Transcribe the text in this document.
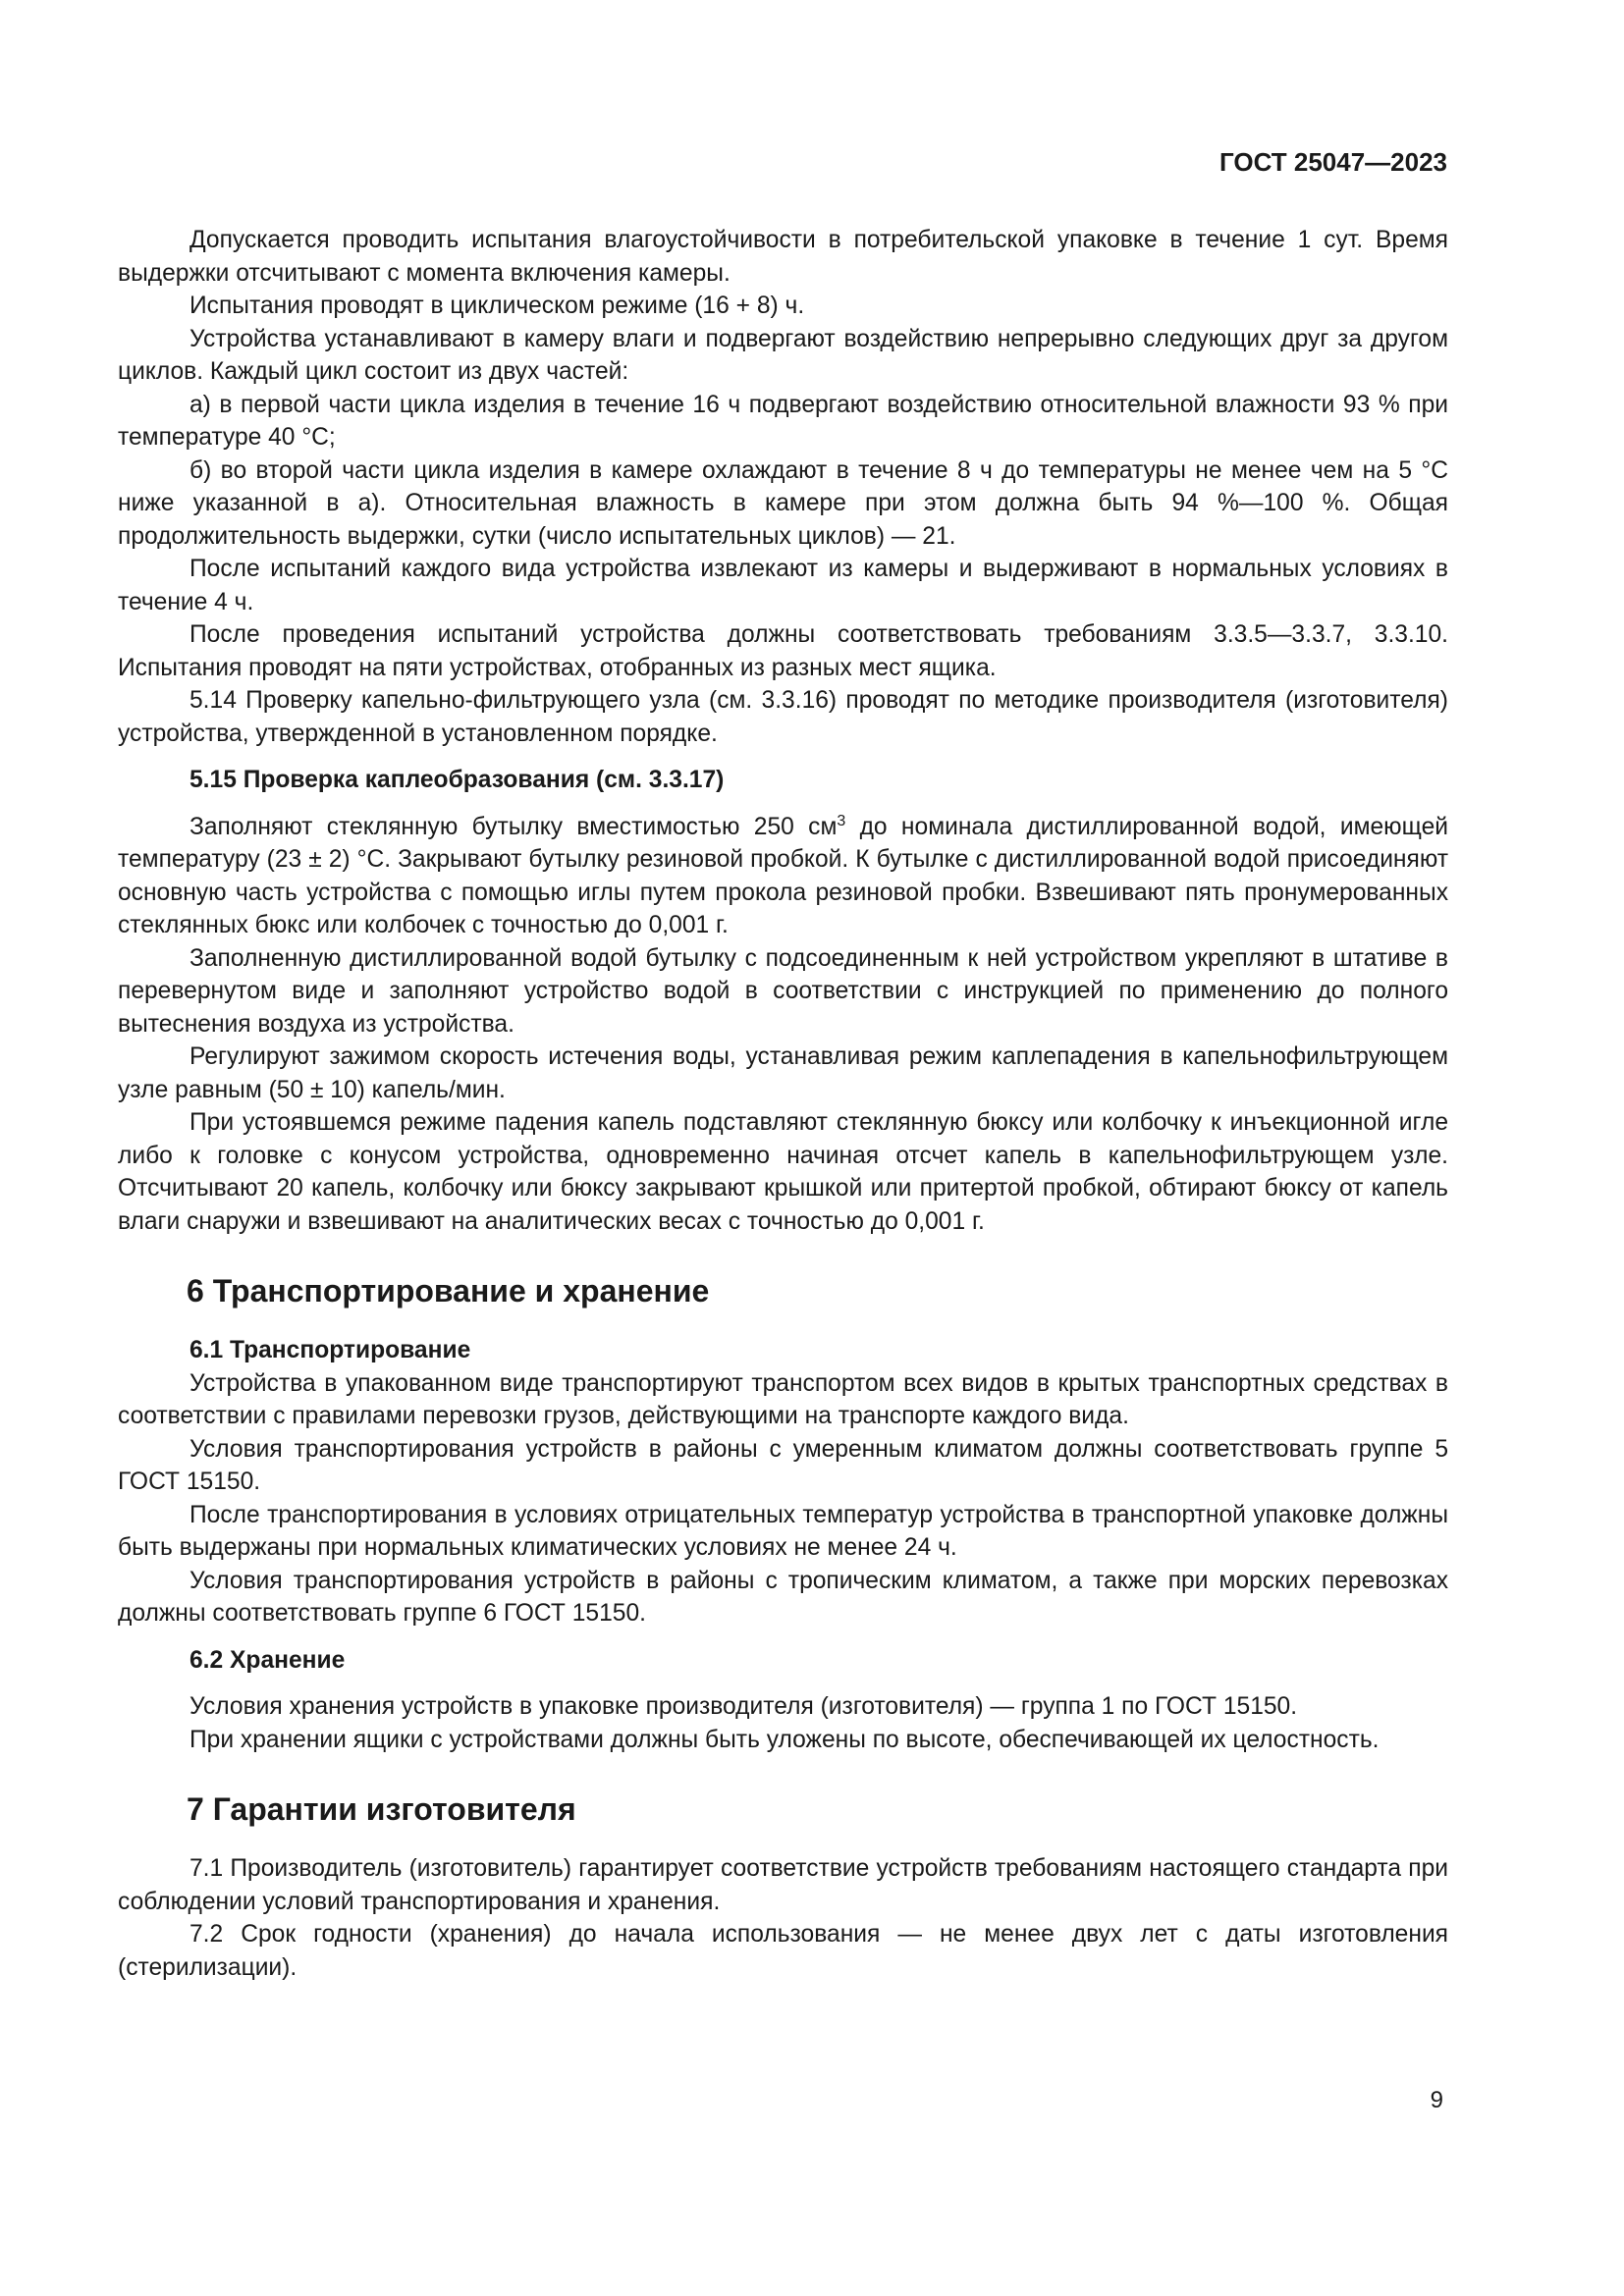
ГОСТ 25047—2023

Допускается проводить испытания влагоустойчивости в потребительской упаковке в течение 1 сут. Время выдержки отсчитывают с момента включения камеры.

Испытания проводят в циклическом режиме (16 + 8) ч.

Устройства устанавливают в камеру влаги и подвергают воздействию непрерывно следующих друг за другом циклов. Каждый цикл состоит из двух частей:

а) в первой части цикла изделия в течение 16 ч подвергают воздействию относительной влажности 93 % при температуре 40 °С;

б) во второй части цикла изделия в камере охлаждают в течение 8 ч до температуры не менее чем на 5 °С ниже указанной в а). Относительная влажность в камере при этом должна быть 94 %—100 %. Общая продолжительность выдержки, сутки (число испытательных циклов) — 21.

После испытаний каждого вида устройства извлекают из камеры и выдерживают в нормальных условиях в течение 4 ч.

После проведения испытаний устройства должны соответствовать требованиям 3.3.5—3.3.7, 3.3.10. Испытания проводят на пяти устройствах, отобранных из разных мест ящика.

5.14 Проверку капельно-фильтрующего узла (см. 3.3.16) проводят по методике производителя (изготовителя) устройства, утвержденной в установленном порядке.

5.15 Проверка каплеобразования (см. 3.3.17)

Заполняют стеклянную бутылку вместимостью 250 $см^3$ до номинала дистиллированной водой, имеющей температуру (23 ± 2) °С. Закрывают бутылку резиновой пробкой. К бутылке с дистиллированной водой присоединяют основную часть устройства с помощью иглы путем прокола резиновой пробки. Взвешивают пять пронумерованных стеклянных бюкс или колбочек с точностью до 0,001 г.

Заполненную дистиллированной водой бутылку с подсоединенным к ней устройством укрепляют в штативе в перевернутом виде и заполняют устройство водой в соответствии с инструкцией по применению до полного вытеснения воздуха из устройства.

Регулируют зажимом скорость истечения воды, устанавливая режим каплепадения в капельнофильтрующем узле равным (50 ± 10) капель/мин.

При устоявшемся режиме падения капель подставляют стеклянную бюксу или колбочку к инъекционной игле либо к головке с конусом устройства, одновременно начиная отсчет капель в капельнофильтрующем узле. Отсчитывают 20 капель, колбочку или бюксу закрывают крышкой или притертой пробкой, обтирают бюксу от капель влаги снаружи и взвешивают на аналитических весах с точностью до 0,001 г.

6 Транспортирование и хранение
6.1 Транспортирование

Устройства в упакованном виде транспортируют транспортом всех видов в крытых транспортных средствах в соответствии с правилами перевозки грузов, действующими на транспорте каждого вида.

Условия транспортирования устройств в районы с умеренным климатом должны соответствовать группе 5 ГОСТ 15150.

После транспортирования в условиях отрицательных температур устройства в транспортной упаковке должны быть выдержаны при нормальных климатических условиях не менее 24 ч.

Условия транспортирования устройств в районы с тропическим климатом, а также при морских перевозках должны соответствовать группе 6 ГОСТ 15150.

6.2 Хранение

Условия хранения устройств в упаковке производителя (изготовителя) — группа 1 по ГОСТ 15150.

При хранении ящики с устройствами должны быть уложены по высоте, обеспечивающей их целостность.

7 Гарантии изготовителя

7.1 Производитель (изготовитель) гарантирует соответствие устройств требованиям настоящего стандарта при соблюдении условий транспортирования и хранения.

7.2 Срок годности (хранения) до начала использования — не менее двух лет с даты изготовления (стерилизации).

9
